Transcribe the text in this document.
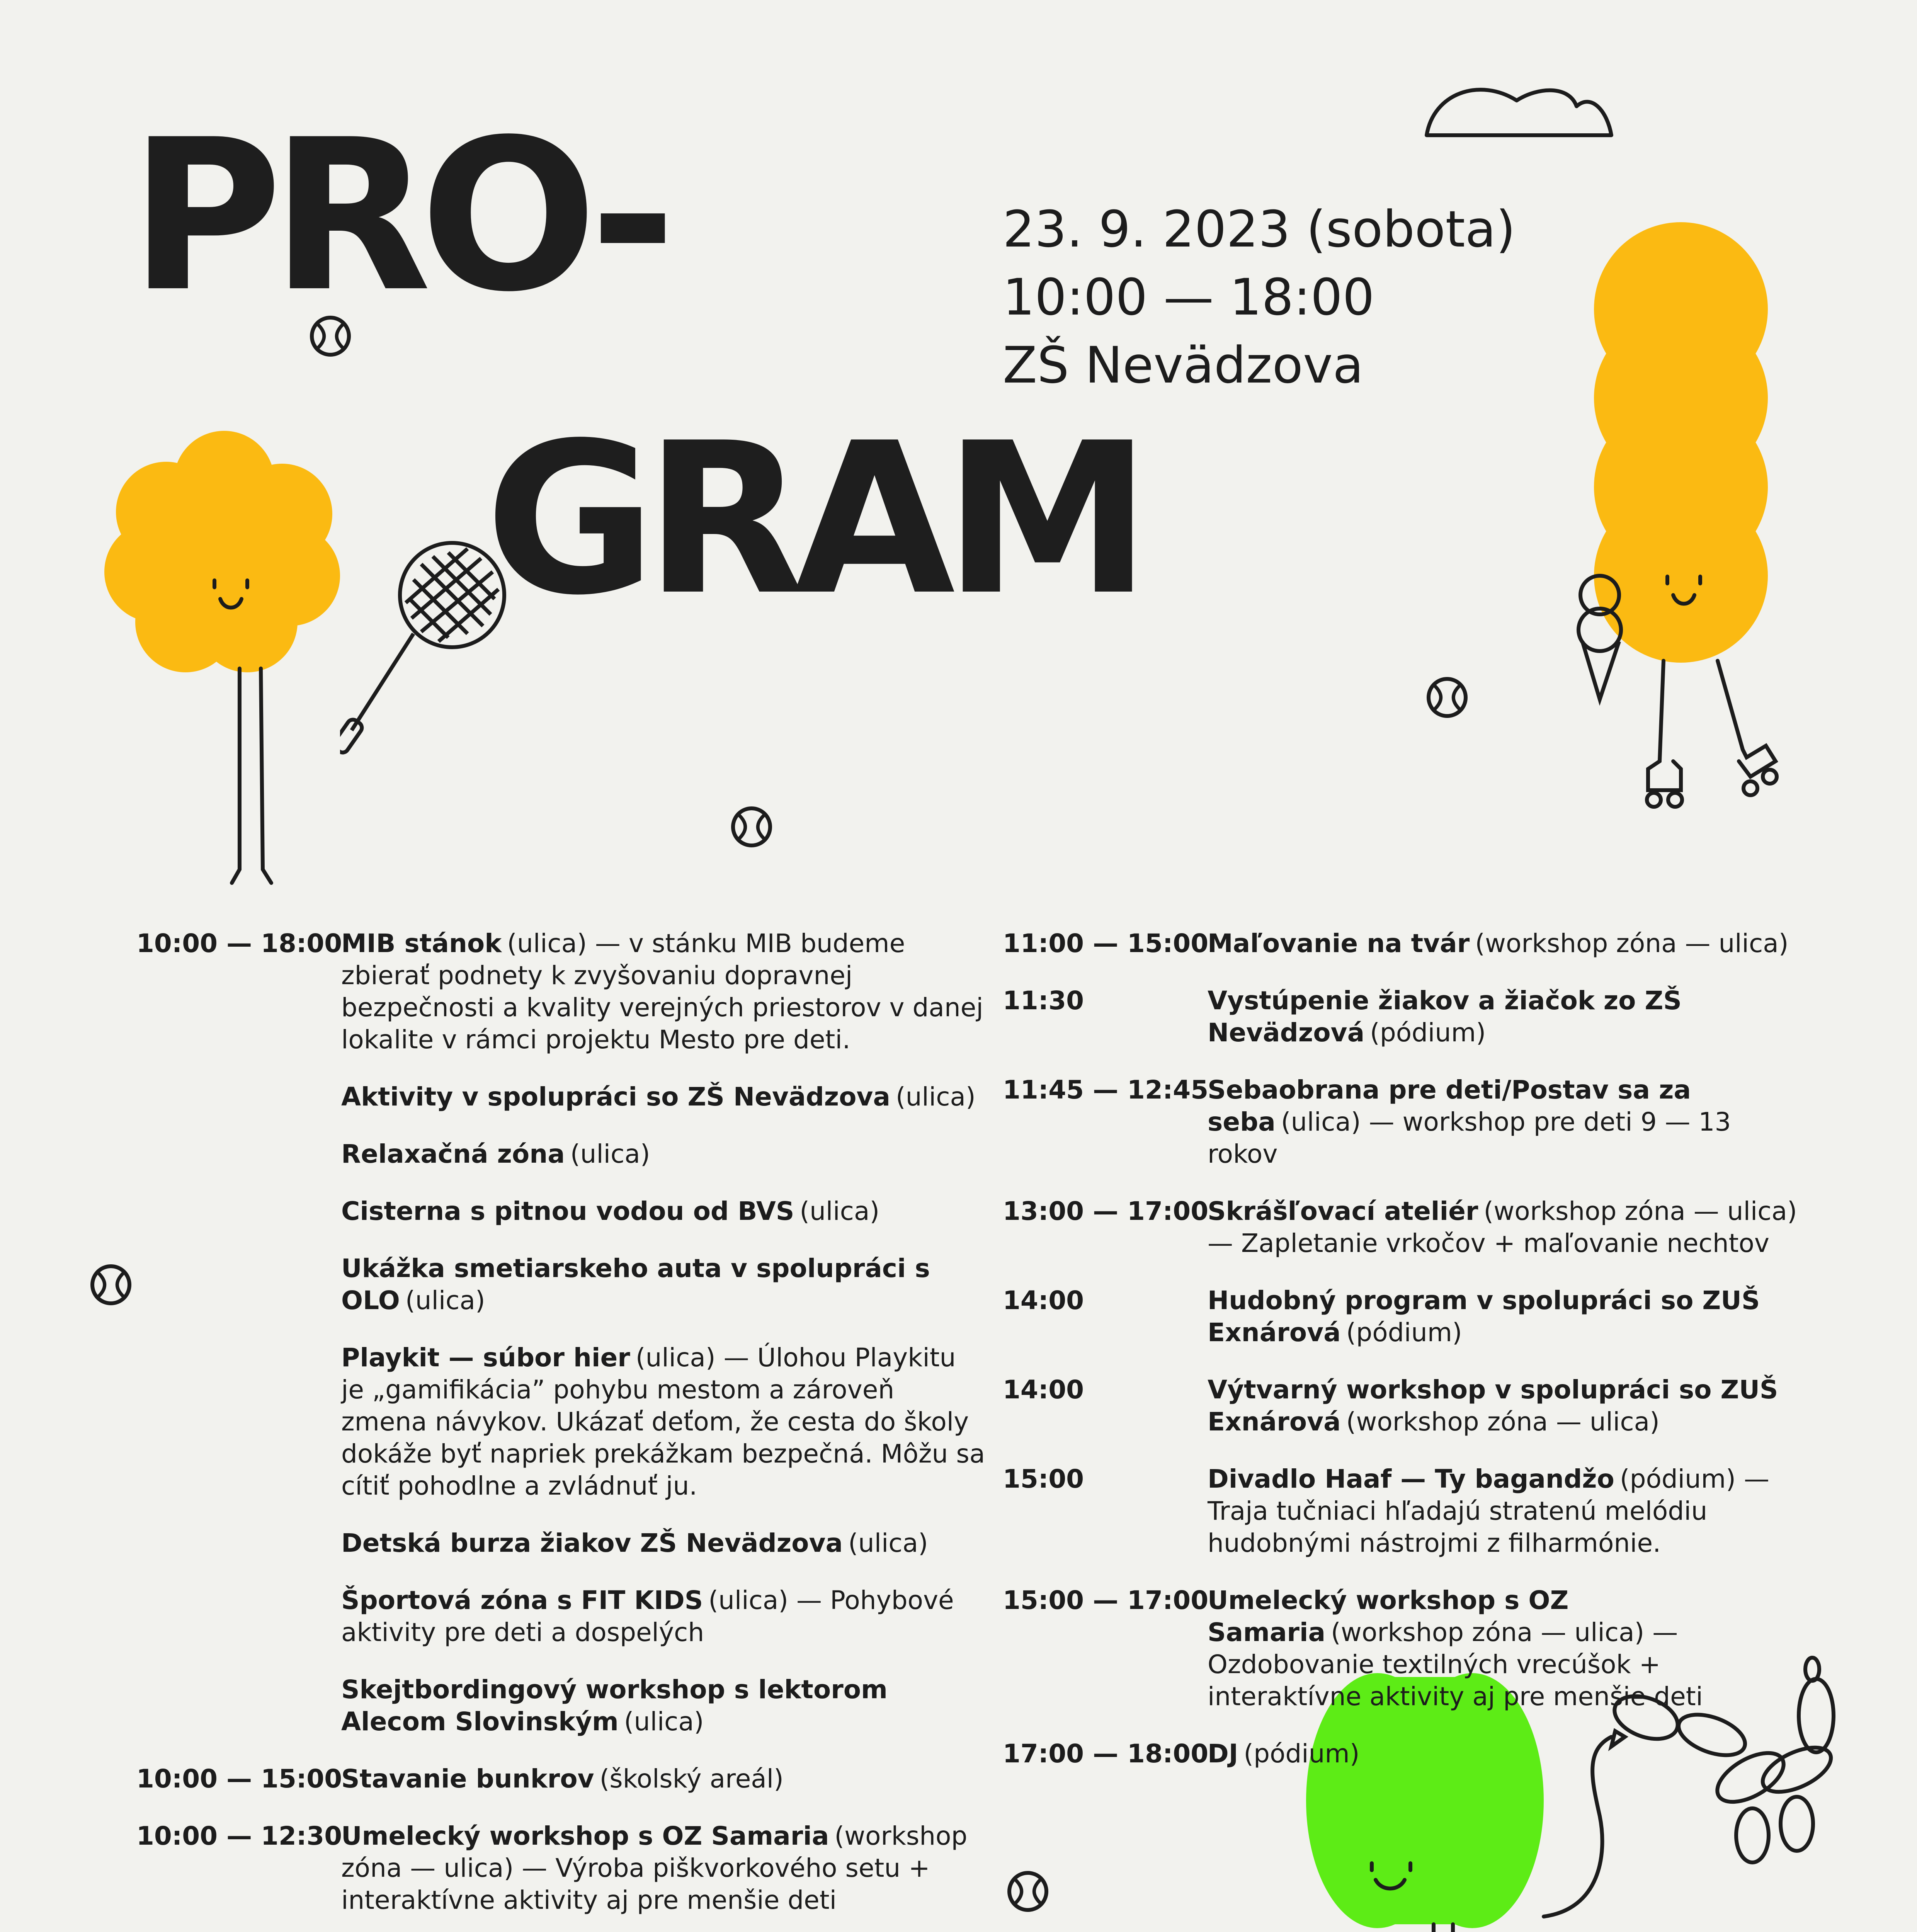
PRO-
GRAM
23. 9. 2023 (sobota)
10:00 — 18:00
ZŠ Nevädzova
10:00 — 18:00
MIB stánok (ulica) — v stánku MIB budeme zbierať podnety k zvyšovaniu dopravnej bezpečnosti a kvality verejných priestorov v danej lokalite v rámci projektu Mesto pre deti.
Aktivity v spolupráci so ZŠ Nevädzova (ulica)
Relaxačná zóna (ulica)
Cisterna s pitnou vodou od BVS (ulica)
Ukážka smetiarskeho auta v spolupráci s OLO (ulica)
Playkit — súbor hier (ulica) — Úlohou Playkitu je „gamifikácia” pohybu mestom a zároveň zmena návykov. Ukázať deťom, že cesta do školy dokáže byť napriek prekážkam bezpečná. Môžu sa cítiť pohodlne a zvládnuť ju.
Detská burza žiakov ZŠ Nevädzova (ulica)
Športová zóna s FIT KIDS (ulica) — Pohybové aktivity pre deti a dospelých
Skejtbordingový workshop s lektorom Alecom Slovinským (ulica)
10:00 — 15:00
Stavanie bunkrov (školský areál)
10:00 — 12:30
Umelecký workshop s OZ Samaria (workshop zóna — ulica) — Výroba piškvorkového setu + interaktívne aktivity aj pre menšie deti
11:00 — 15:00
Maľovanie na tvár (workshop zóna — ulica)
11:30	Vystúpenie žiakov a žiačok zo ZŠ Nevädzová (pódium)
11:45 — 12:45
Sebaobrana pre deti/Postav sa za seba (ulica) — workshop pre deti 9 — 13 rokov
13:00 — 17:00
Skrášľovací ateliér (workshop zóna — ulica)— Zapletanie vrkočov + maľovanie nechtov
14:00	Hudobný program v spolupráci so ZUŠ Exnárová (pódium)
14:00	Výtvarný workshop v spolupráci so ZUŠ Exnárová (workshop zóna — ulica)
15:00	Divadlo Haaf — Ty bagandžo (pódium) — Traja tučniaci hľadajú stratenú melódiu hudobnými nástrojmi z filharmónie.
15:00 — 17:00
Umelecký workshop s OZ Samaria (workshop zóna — ulica) — Ozdobovanie textilných vrecúšok + interaktívne aktivity aj pre menšie deti
17:00 — 18:00
DJ (pódium)
